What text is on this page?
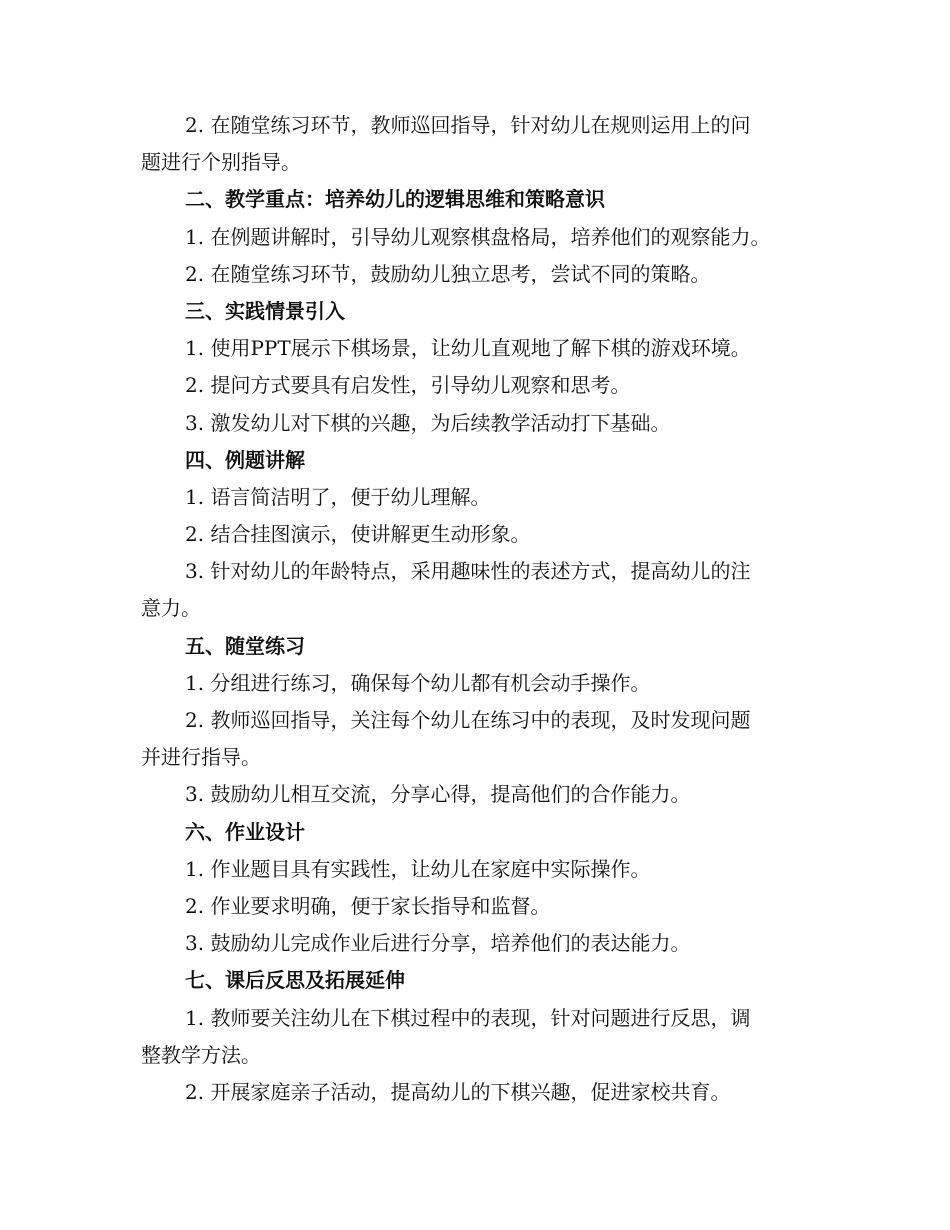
2. 在随堂练习环节，教师巡回指导，针对幼儿在规则运用上的问
题进行个别指导。
二、教学重点：培养幼儿的逻辑思维和策略意识
1. 在例题讲解时，引导幼儿观察棋盘格局，培养他们的观察能力。
2. 在随堂练习环节，鼓励幼儿独立思考，尝试不同的策略。
三、实践情景引入
1. 使用PPT展示下棋场景，让幼儿直观地了解下棋的游戏环境。
2. 提问方式要具有启发性，引导幼儿观察和思考。
3. 激发幼儿对下棋的兴趣，为后续教学活动打下基础。
四、例题讲解
1. 语言简洁明了，便于幼儿理解。
2. 结合挂图演示，使讲解更生动形象。
3. 针对幼儿的年龄特点，采用趣味性的表述方式，提高幼儿的注
意力。
五、随堂练习
1. 分组进行练习，确保每个幼儿都有机会动手操作。
2. 教师巡回指导，关注每个幼儿在练习中的表现，及时发现问题
并进行指导。
3. 鼓励幼儿相互交流，分享心得，提高他们的合作能力。
六、作业设计
1. 作业题目具有实践性，让幼儿在家庭中实际操作。
2. 作业要求明确，便于家长指导和监督。
3. 鼓励幼儿完成作业后进行分享，培养他们的表达能力。
七、课后反思及拓展延伸
1. 教师要关注幼儿在下棋过程中的表现，针对问题进行反思，调
整教学方法。
2. 开展家庭亲子活动，提高幼儿的下棋兴趣，促进家校共育。
